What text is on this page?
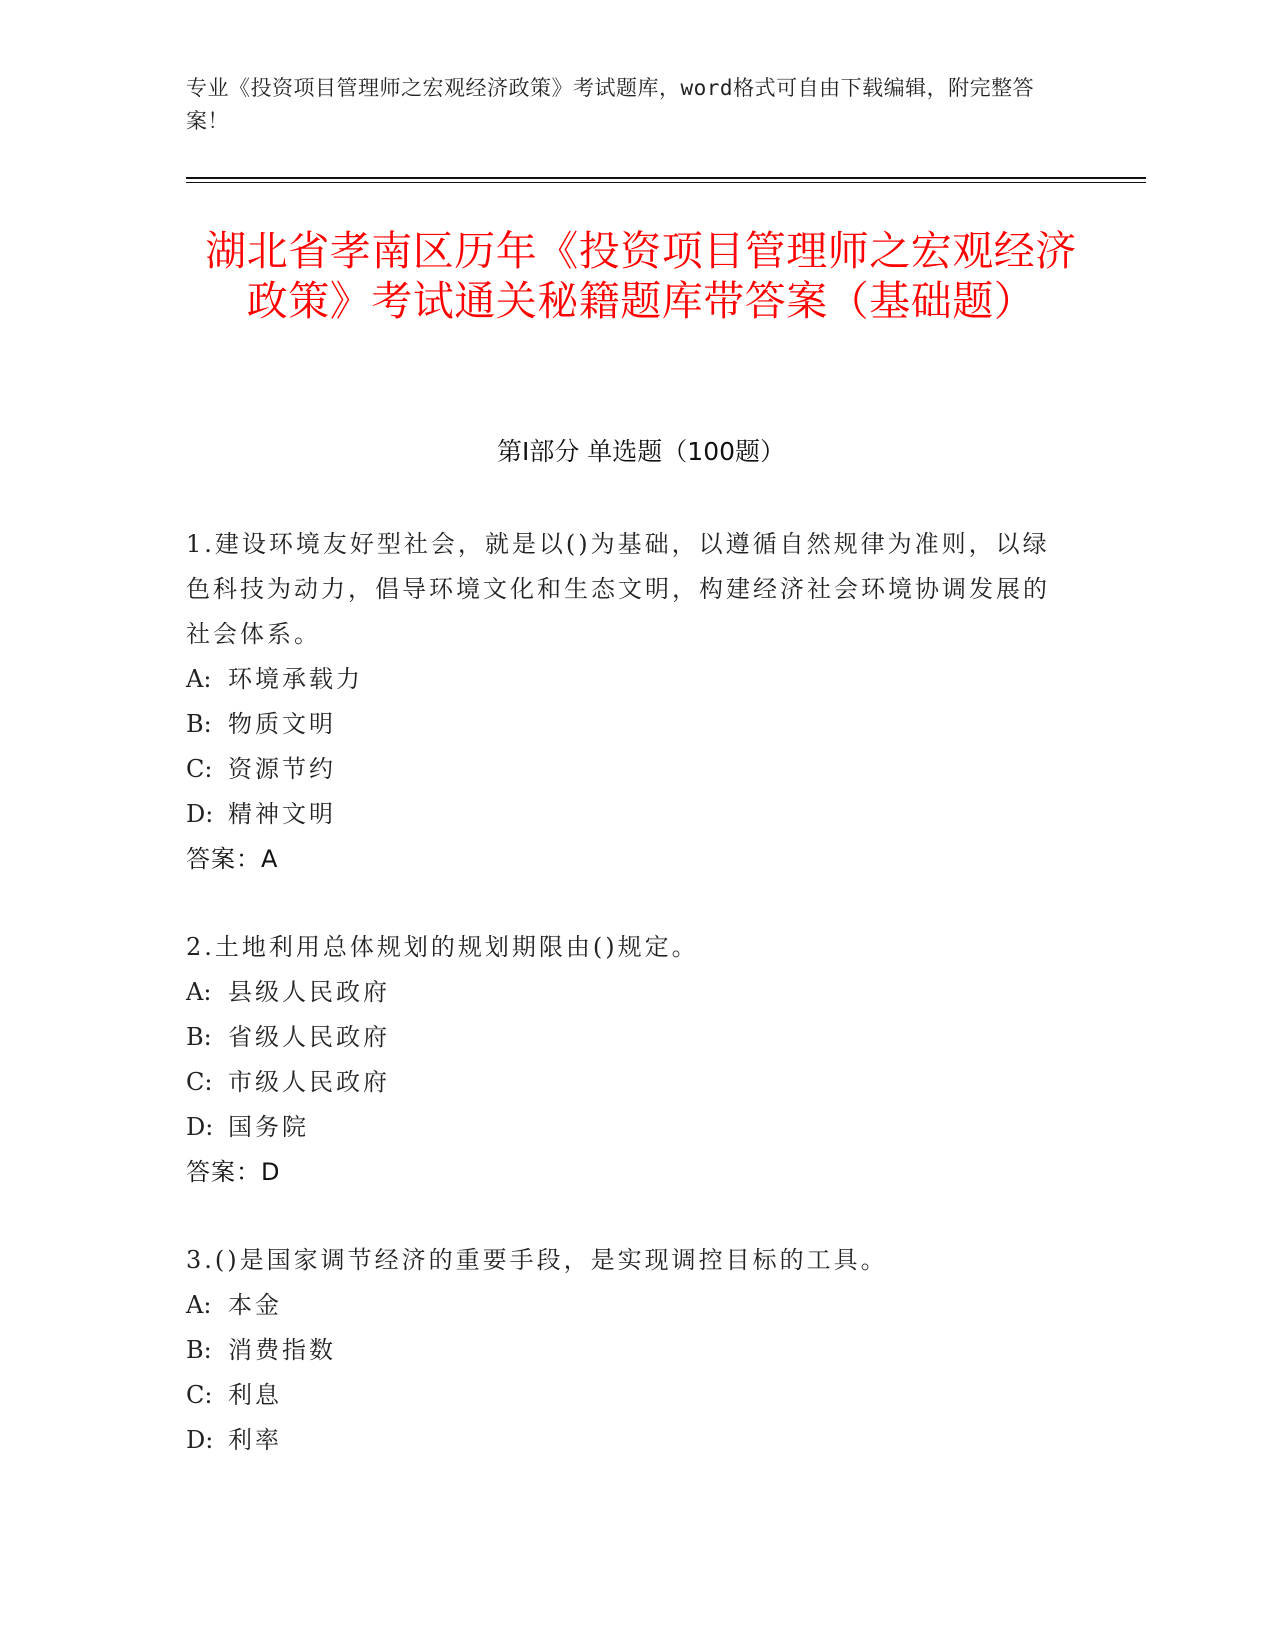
专业《投资项目管理师之宏观经济政策》考试题库，word格式可自由下载编辑，附完整答案！
湖北省孝南区历年《投资项目管理师之宏观经济政策》考试通关秘籍题库带答案（基础题）
第I部分 单选题（100题）
1.建设环境友好型社会，就是以()为基础，以遵循自然规律为准则，以绿色科技为动力，倡导环境文化和生态文明，构建经济社会环境协调发展的社会体系。
A: 环境承载力
B: 物质文明
C: 资源节约
D: 精神文明
答案：A
2.土地利用总体规划的规划期限由()规定。
A: 县级人民政府
B: 省级人民政府
C: 市级人民政府
D: 国务院
答案：D
3.()是国家调节经济的重要手段，是实现调控目标的工具。
A: 本金
B: 消费指数
C: 利息
D: 利率
